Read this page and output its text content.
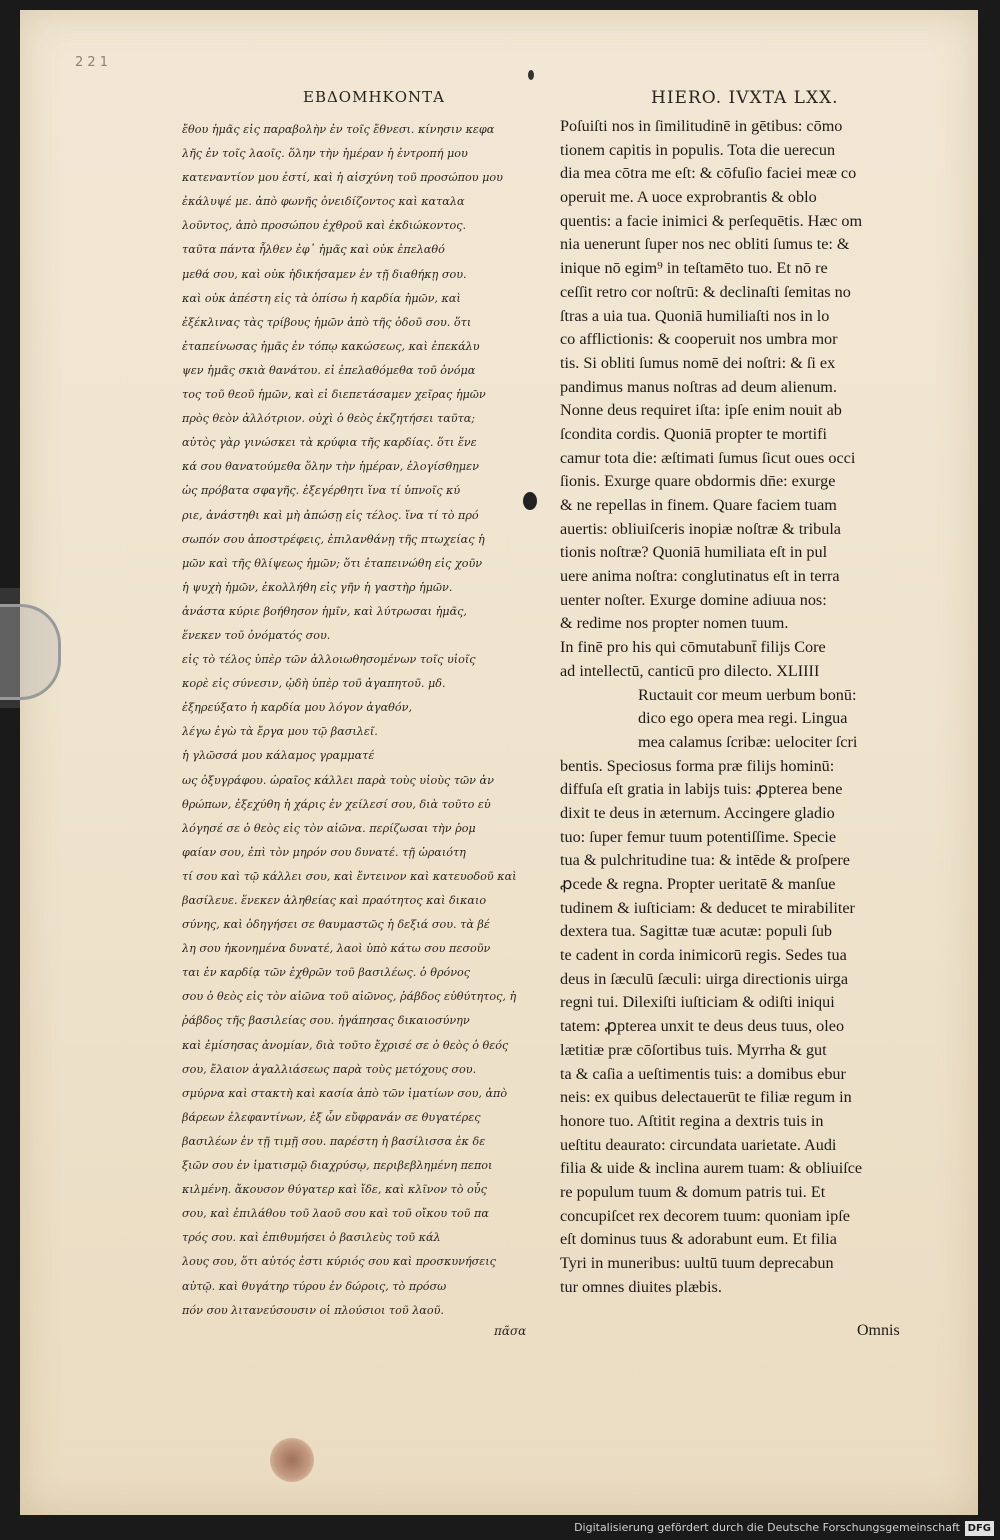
2 2 1
ΕΒΔΟΜΗΚΟΝΤΑ	HIERO. IVXTA LXX.
ἔθου ἡμᾶς εἰς παραβολὴν ἐν τοῖς ἔθνεσι. κίνησιν κεφα
λῆς ἐν τοῖς λαοῖς. ὅλην τὴν ἡμέραν ἡ ἐντροπή μου
κατεναντίον μου ἐστί, καὶ ἡ αἰσχύνη τοῦ προσώπου μου
ἐκάλυψέ με. ἀπὸ φωνῆς ὀνειδίζοντος καὶ καταλα
λοῦντος, ἀπὸ προσώπου ἐχθροῦ καὶ ἐκδιώκοντος.
ταῦτα πάντα ἦλθεν ἐφ᾽ ἡμᾶς καὶ οὐκ ἐπελαθό
μεθά σου, καὶ οὐκ ἠδικήσαμεν ἐν τῇ διαθήκῃ σου.
καὶ οὐκ ἀπέστη εἰς τὰ ὀπίσω ἡ καρδία ἡμῶν, καὶ
ἐξέκλινας τὰς τρίβους ἡμῶν ἀπὸ τῆς ὁδοῦ σου. ὅτι
ἐταπείνωσας ἡμᾶς ἐν τόπῳ κακώσεως, καὶ ἐπεκάλυ
ψεν ἡμᾶς σκιὰ θανάτου. εἰ ἐπελαθόμεθα τοῦ ὀνόμα
τος τοῦ θεοῦ ἡμῶν, καὶ εἰ διεπετάσαμεν χεῖρας ἡμῶν
πρὸς θεὸν ἀλλότριον. οὐχὶ ὁ θεὸς ἐκζητήσει ταῦτα;
αὐτὸς γὰρ γινώσκει τὰ κρύφια τῆς καρδίας. ὅτι ἕνε
κά σου θανατούμεθα ὅλην τὴν ἡμέραν, ἐλογίσθημεν
ὡς πρόβατα σφαγῆς. ἐξεγέρθητι ἵνα τί ὑπνοῖς κύ
ριε, ἀνάστηθι καὶ μὴ ἀπώσῃ εἰς τέλος. ἵνα τί τὸ πρό
σωπόν σου ἀποστρέφεις, ἐπιλανθάνῃ τῆς πτωχείας ἡ
μῶν καὶ τῆς θλίψεως ἡμῶν; ὅτι ἐταπεινώθη εἰς χοῦν
ἡ ψυχὴ ἡμῶν, ἐκολλήθη εἰς γῆν ἡ γαστὴρ ἡμῶν.
ἀνάστα κύριε βοήθησον ἡμῖν, καὶ λύτρωσαι ἡμᾶς,
ἕνεκεν τοῦ ὀνόματός σου.
εἰς τὸ τέλος ὑπὲρ τῶν ἀλλοιωθησομένων τοῖς υἱοῖς
κορὲ εἰς σύνεσιν, ᾠδὴ ὑπὲρ τοῦ ἀγαπητοῦ. μδ.
ἐξηρεύξατο ἡ καρδία μου λόγον ἀγαθόν,
λέγω ἐγὼ τὰ ἔργα μου τῷ βασιλεῖ.
ἡ γλῶσσά μου κάλαμος γραμματέ
ως ὀξυγράφου. ὡραῖος κάλλει παρὰ τοὺς υἱοὺς τῶν ἀν
θρώπων, ἐξεχύθη ἡ χάρις ἐν χείλεσί σου, διὰ τοῦτο εὐ
λόγησέ σε ὁ θεὸς εἰς τὸν αἰῶνα. περίζωσαι τὴν ῥομ
φαίαν σου, ἐπὶ τὸν μηρόν σου δυνατέ. τῇ ὡραιότη
τί σου καὶ τῷ κάλλει σου, καὶ ἔντεινον καὶ κατευοδοῦ καὶ
βασίλευε. ἕνεκεν ἀληθείας καὶ πραότητος καὶ δικαιο
σύνης, καὶ ὁδηγήσει σε θαυμαστῶς ἡ δεξιά σου. τὰ βέ
λη σου ἠκονημένα δυνατέ, λαοὶ ὑπὸ κάτω σου πεσοῦν
ται ἐν καρδίᾳ τῶν ἐχθρῶν τοῦ βασιλέως. ὁ θρόνος
σου ὁ θεὸς εἰς τὸν αἰῶνα τοῦ αἰῶνος, ῥάβδος εὐθύτητος, ἡ
ῥάβδος τῆς βασιλείας σου. ἠγάπησας δικαιοσύνην
καὶ ἐμίσησας ἀνομίαν, διὰ τοῦτο ἔχρισέ σε ὁ θεὸς ὁ θεός
σου, ἔλαιον ἀγαλλιάσεως παρὰ τοὺς μετόχους σου.
σμύρνα καὶ στακτὴ καὶ κασία ἀπὸ τῶν ἱματίων σου, ἀπὸ
βάρεων ἐλεφαντίνων, ἐξ ὧν εὔφρανάν σε θυγατέρες
βασιλέων ἐν τῇ τιμῇ σου. παρέστη ἡ βασίλισσα ἐκ δε
ξιῶν σου ἐν ἱματισμῷ διαχρύσῳ, περιβεβλημένη πεποι
κιλμένη. ἄκουσον θύγατερ καὶ ἴδε, καὶ κλῖνον τὸ οὖς
σου, καὶ ἐπιλάθου τοῦ λαοῦ σου καὶ τοῦ οἴκου τοῦ πα
τρός σου. καὶ ἐπιθυμήσει ὁ βασιλεὺς τοῦ κάλ
λους σου, ὅτι αὐτός ἐστι κύριός σου καὶ προσκυνήσεις
αὐτῷ. καὶ θυγάτηρ τύρου ἐν δώροις, τὸ πρόσω
πόν σου λιτανεύσουσιν οἱ πλούσιοι τοῦ λαοῦ.
πᾶσα
Poſuiſti nos in ſimilitudinē in gētibus: cōmo
tionem capitis in populis. Tota die uerecun
dia mea cōtra me eſt: & cōfuſio faciei meæ co
operuit me. A uoce exprobrantis & oblo
quentis: a facie inimici & perſequētis. Hæc om
nia uenerunt ſuper nos nec obliti ſumus te: &
inique nō egim⁹ in teſtamēto tuo. Et nō re
ceſſit retro cor noſtrū: & declinaſti ſemitas no
ſtras a uia tua. Quoniā humiliaſti nos in lo
co afflictionis: & cooperuit nos umbra mor
tis. Si obliti ſumus nomē dei noſtri: & ſi ex
pandimus manus noſtras ad deum alienum.
Nonne deus requiret iſta: ipſe enim nouit ab
ſcondita cordis. Quoniā propter te mortifi
camur tota die: æſtimati ſumus ſicut oues occi
ſionis. Exurge quare obdormis dn̄e: exurge
& ne repellas in finem. Quare faciem tuam
auertis: obliuiſceris inopiæ noſtræ & tribula
tionis noſtræ? Quoniā humiliata eſt in pul
uere anima noſtra: conglutinatus eſt in terra
uenter noſter. Exurge domine adiuua nos:
& redime nos propter nomen tuum.
In finē pro his qui cōmutabunt̄ filijs Core
ad intellectū, canticū pro dilecto. XLIIII
Ructauit cor meum uerbum bonū:
dico ego opera mea regi. Lingua
mea calamus ſcribæ: uelociter ſcri
bentis. Speciosus forma præ filijs hominū:
diffuſa eſt gratia in labijs tuis: ꝓpterea bene
dixit te deus in æternum. Accingere gladio
tuo: ſuper femur tuum potentiſſime. Specie
tua & pulchritudine tua: & intēde & proſpere
ꝓcede & regna. Propter ueritatē & manſue
tudinem & iuſticiam: & deducet te mirabiliter
dextera tua. Sagittæ tuæ acutæ: populi ſub
te cadent in corda inimicorū regis. Sedes tua
deus in ſæculū ſæculi: uirga directionis uirga
regni tui. Dilexiſti iuſticiam & odiſti iniqui
tatem: ꝓpterea unxit te deus deus tuus, oleo
lætitiæ præ cōſortibus tuis. Myrrha & gut
ta & caſia a ueſtimentis tuis: a domibus ebur
neis: ex quibus delectauerūt te filiæ regum in
honore tuo. Aſtitit regina a dextris tuis in
ueſtitu deaurato: circundata uarietate. Audi
filia & uide & inclina aurem tuam: & obliuiſce
re populum tuum & domum patris tui. Et
concupiſcet rex decorem tuum: quoniam ipſe
eſt dominus tuus & adorabunt eum. Et filia
Tyri in muneribus: uultū tuum deprecabun
tur omnes diuites plæbis.
Omnis
Digitalisierung gefördert durch die Deutsche Forschungsgemeinschaft DFG
